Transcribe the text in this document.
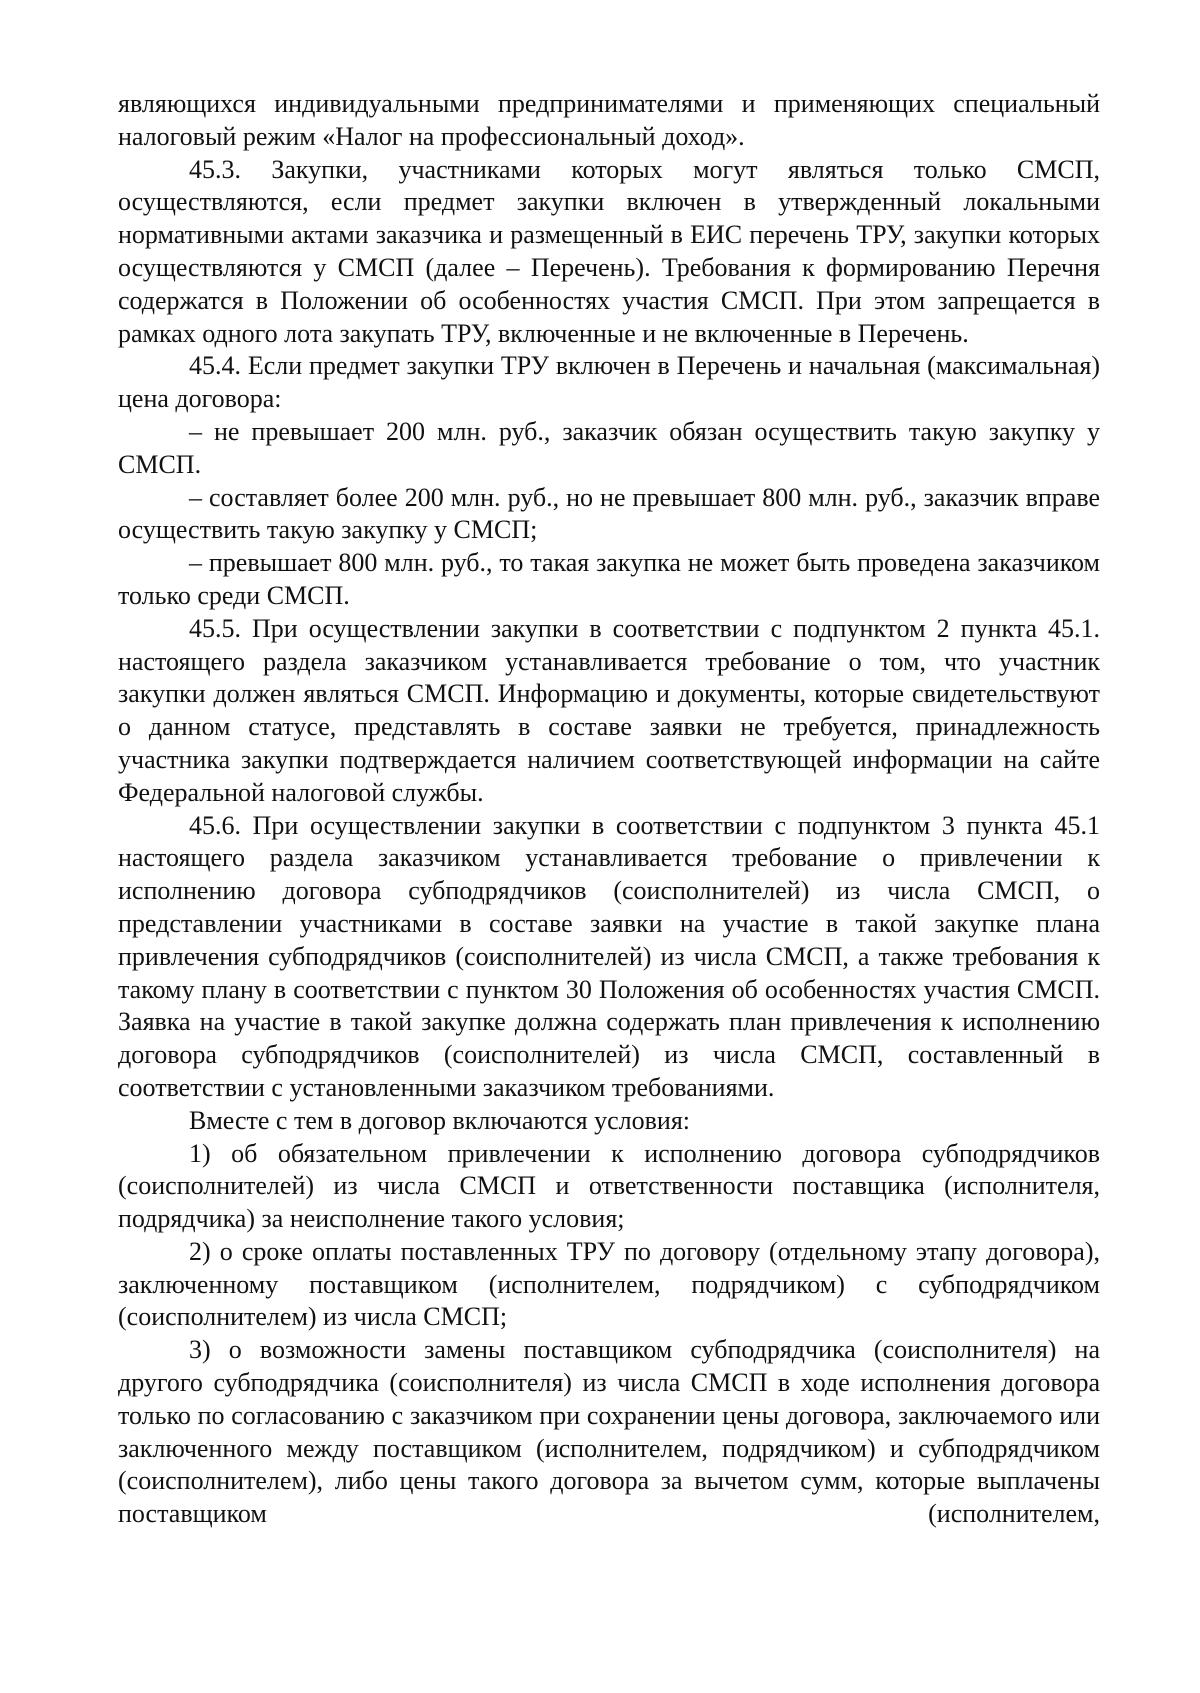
являющихся индивидуальными предпринимателями и применяющих специальный налоговый режим «Налог на профессиональный доход».

45.3. Закупки, участниками которых могут являться только СМСП, осуществляются, если предмет закупки включен в утвержденный локальными нормативными актами заказчика и размещенный в ЕИС перечень ТРУ, закупки которых осуществляются у СМСП (далее – Перечень). Требования к формированию Перечня содержатся в Положении об особенностях участия СМСП. При этом запрещается в рамках одного лота закупать ТРУ, включенные и не включенные в Перечень.

45.4. Если предмет закупки ТРУ включен в Перечень и начальная (максимальная) цена договора:

– не превышает 200 млн. руб., заказчик обязан осуществить такую закупку у СМСП.

– составляет более 200 млн. руб., но не превышает 800 млн. руб., заказчик вправе осуществить такую закупку у СМСП;

– превышает 800 млн. руб., то такая закупка не может быть проведена заказчиком только среди СМСП.

45.5. При осуществлении закупки в соответствии с подпунктом 2 пункта 45.1. настоящего раздела заказчиком устанавливается требование о том, что участник закупки должен являться СМСП. Информацию и документы, которые свидетельствуют о данном статусе, представлять в составе заявки не требуется, принадлежность участника закупки подтверждается наличием соответствующей информации на сайте Федеральной налоговой службы.

45.6. При осуществлении закупки в соответствии с подпунктом 3 пункта 45.1 настоящего раздела заказчиком устанавливается требование о привлечении к исполнению договора субподрядчиков (соисполнителей) из числа СМСП, о представлении участниками в составе заявки на участие в такой закупке плана привлечения субподрядчиков (соисполнителей) из числа СМСП, а также требования к такому плану в соответствии с пунктом 30 Положения об особенностях участия СМСП. Заявка на участие в такой закупке должна содержать план привлечения к исполнению договора субподрядчиков (соисполнителей) из числа СМСП, составленный в соответствии с установленными заказчиком требованиями.

Вместе с тем в договор включаются условия:

1) об обязательном привлечении к исполнению договора субподрядчиков (соисполнителей) из числа СМСП и ответственности поставщика (исполнителя, подрядчика) за неисполнение такого условия;

2) о сроке оплаты поставленных ТРУ по договору (отдельному этапу договора), заключенному поставщиком (исполнителем, подрядчиком) с субподрядчиком (соисполнителем) из числа СМСП;

3) о возможности замены поставщиком субподрядчика (соисполнителя) на другого субподрядчика (соисполнителя) из числа СМСП в ходе исполнения договора только по согласованию с заказчиком при сохранении цены договора, заключаемого или заключенного между поставщиком (исполнителем, подрядчиком) и субподрядчиком (соисполнителем), либо цены такого договора за вычетом сумм, которые выплачены поставщиком (исполнителем,
